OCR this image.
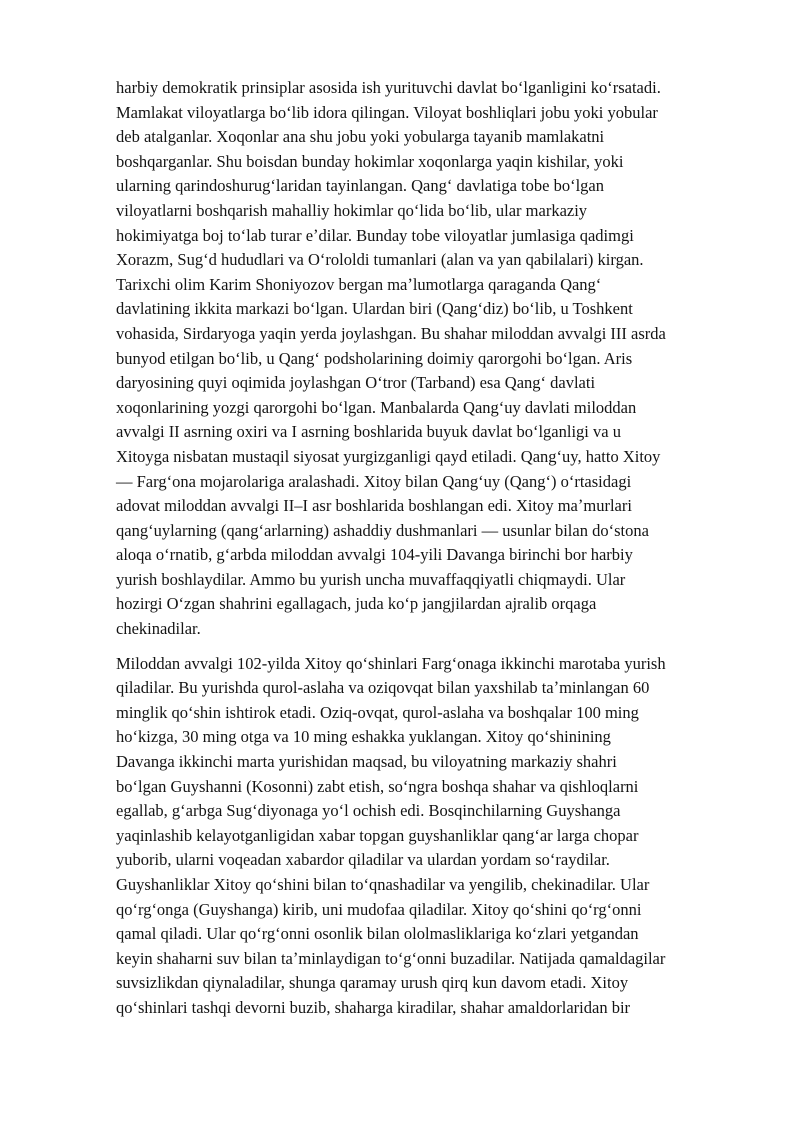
harbiy demokratik prinsiplar asosida ish yurituvchi davlat boʻlganligini koʻrsatadi.
Mamlakat viloyatlarga boʻlib idora qilingan. Viloyat boshliqlari jobu yoki yobular
deb atalganlar. Xoqonlar ana shu jobu yoki yobularga tayanib mamlakatni
boshqarganlar. Shu boisdan bunday hokimlar xoqonlarga yaqin kishilar, yoki
ularning qarindoshurugʻlaridan tayinlangan. Qangʻ davlatiga tobe boʻlgan
viloyatlarni boshqarish mahalliy hokimlar qoʻlida boʻlib, ular markaziy
hokimiyatga boj toʻlab turar eʼdilar. Bunday tobe viloyatlar jumlasiga qadimgi
Xorazm, Sugʻd hududlari va Oʻrololdi tumanlari (alan va yan qabilalari) kirgan.
Tarixchi olim Karim Shoniyozov bergan maʼlumotlarga qaraganda Qangʻ
davlatining ikkita markazi boʻlgan. Ulardan biri (Qangʻdiz) boʻlib, u Toshkent
vohasida, Sirdaryoga yaqin yerda joylashgan. Bu shahar miloddan avvalgi III asrda
bunyod etilgan boʻlib, u Qangʻ podsholarining doimiy qarorgohi boʻlgan. Aris
daryosining quyi oqimida joylashgan Oʻtror (Tarband) esa Qangʻ davlati
xoqonlarining yozgi qarorgohi boʻlgan. Manbalarda Qangʻuy davlati miloddan
avvalgi II asrning oxiri va I asrning boshlarida buyuk davlat boʻlganligi va u
Xitoyga nisbatan mustaqil siyosat yurgizganligi qayd etiladi. Qangʻuy, hatto Xitoy
— Fargʻona mojarolariga aralashadi. Xitoy bilan Qangʻuy (Qangʻ) oʻrtasidagi
adovat miloddan avvalgi II–I asr boshlarida boshlangan edi. Xitoy maʼmurlari
qangʻuylarning (qangʻarlarning) ashaddiy dushmanlari — usunlar bilan doʻstona
aloqa oʻrnatib, gʻarbda miloddan avvalgi 104-yili Davanga birinchi bor harbiy
yurish boshlaydilar. Ammo bu yurish uncha muvaffaqqiyatli chiqmaydi. Ular
hozirgi Oʻzgan shahrini egallagach, juda koʻp jangjilardan ajralib orqaga
chekinadilar.

Miloddan avvalgi 102-yilda Xitoy qoʻshinlari Fargʻonaga ikkinchi marotaba yurish
qiladilar. Bu yurishda qurol-aslaha va oziqovqat bilan yaxshilab taʼminlangan 60
minglik qoʻshin ishtirok etadi. Oziq-ovqat, qurol-aslaha va boshqalar 100 ming
hoʻkizga, 30 ming otga va 10 ming eshakka yuklangan. Xitoy qoʻshinining
Davanga ikkinchi marta yurishidan maqsad, bu viloyatning markaziy shahri
boʻlgan Guyshanni (Kosonni) zabt etish, soʻngra boshqa shahar va qishloqlarni
egallab, gʻarbga Sugʻdiyonaga yoʻl ochish edi. Bosqinchilarning Guyshanga
yaqinlashib kelayotganligidan xabar topgan guyshanliklar qangʻar larga chopar
yuborib, ularni voqeadan xabardor qiladilar va ulardan yordam soʻraydilar.
Guyshanliklar Xitoy qoʻshini bilan toʻqnashadilar va yengilib, chekinadilar. Ular
qoʻrgʻonga (Guyshanga) kirib, uni mudofaa qiladilar. Xitoy qoʻshini qoʻrgʻonni
qamal qiladi. Ular qoʻrgʻonni osonlik bilan ololmasliklariga koʻzlari yetgandan
keyin shaharni suv bilan taʼminlaydigan toʻgʻonni buzadilar. Natijada qamaldagilar
suvsizlikdan qiynaladilar, shunga qaramay urush qirq kun davom etadi. Xitoy
qoʻshinlari tashqi devorni buzib, shaharga kiradilar, shahar amaldorlaridan bir
